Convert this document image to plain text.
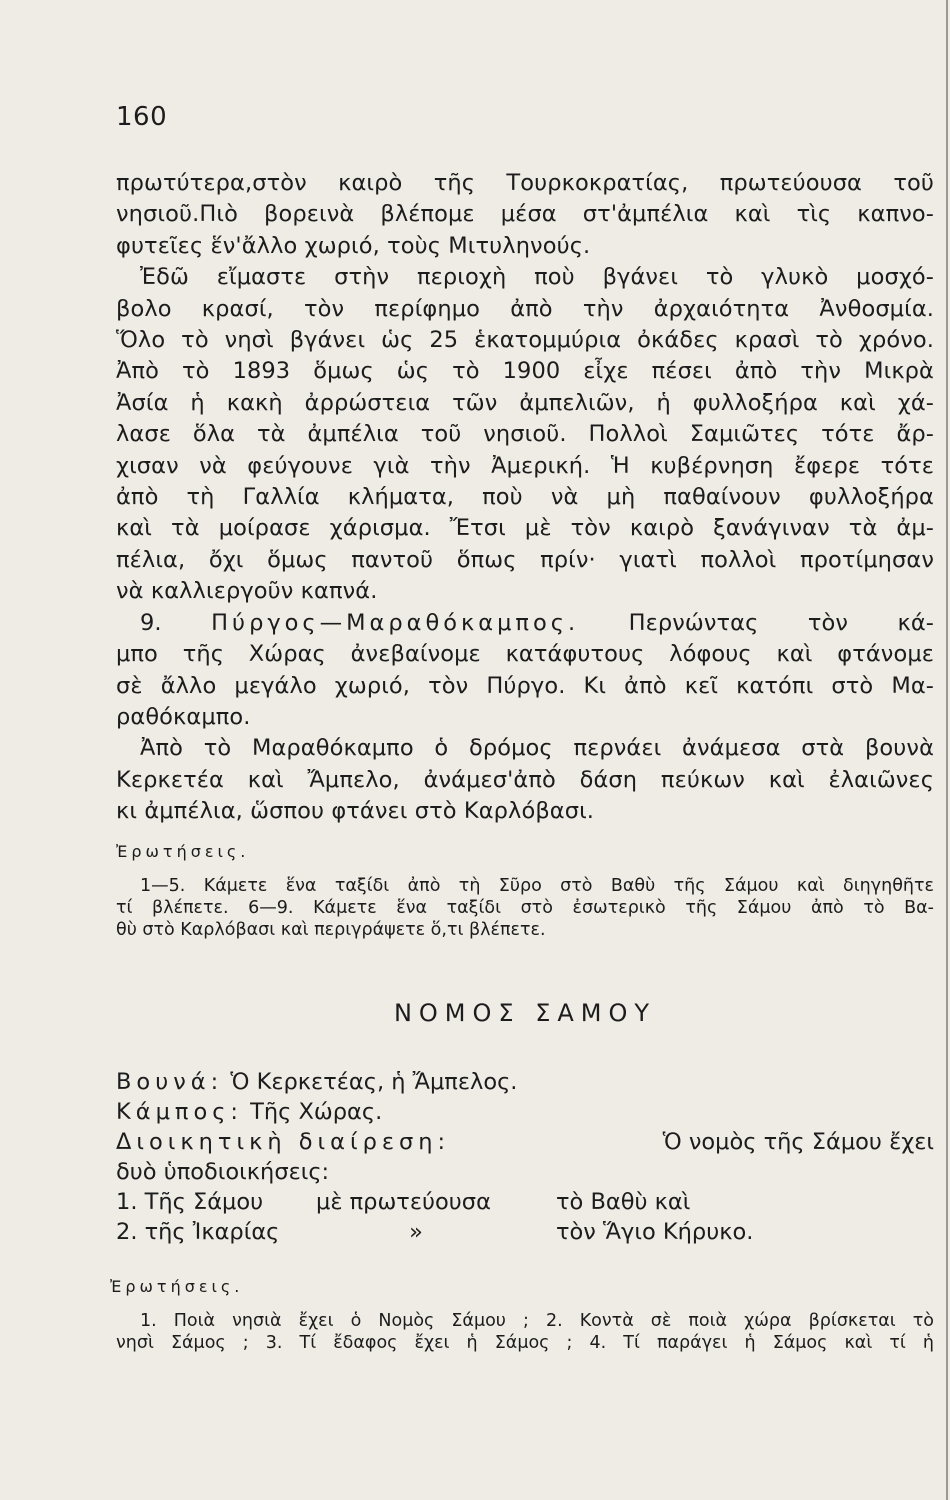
160

πρωτύτερα,στὸν καιρὸ τῆς Τουρκοκρατίας, πρωτεύουσα τοῦ
νησιοῦ.Πιὸ βορεινὰ βλέπομε μέσα στ'ἀμπέλια καὶ τὶς καπνο-
φυτεῖες ἕν'ἄλλο χωριό, τοὺς Μιτυληνούς.

Ἐδῶ εἴμαστε στὴν περιοχὴ ποὺ βγάνει τὸ γλυκὸ μοσχό-
βολο κρασί, τὸν περίφημο ἀπὸ τὴν ἀρχαιότητα Ἀνθοσμία.
Ὅλο τὸ νησὶ βγάνει ὡς 25 ἑκατομμύρια ὀκάδες κρασὶ τὸ χρόνο.
Ἀπὸ τὸ 1893 ὅμως ὡς τὸ 1900 εἶχε πέσει ἀπὸ τὴν Μικρὰ
Ἀσία ἡ κακὴ ἀρρώστεια τῶν ἀμπελιῶν, ἡ φυλλοξήρα καὶ χά-
λασε ὅλα τὰ ἀμπέλια τοῦ νησιοῦ. Πολλοὶ Σαμιῶτες τότε ἄρ-
χισαν νὰ φεύγουνε γιὰ τὴν Ἀμερική. Ἡ κυβέρνηση ἔφερε τότε
ἀπὸ τὴ Γαλλία κλήματα, ποὺ νὰ μὴ παθαίνουν φυλλοξήρα
καὶ τὰ μοίρασε χάρισμα. Ἔτσι μὲ τὸν καιρὸ ξανάγιναν τὰ ἀμ-
πέλια, ὄχι ὅμως παντοῦ ὅπως πρίν· γιατὶ πολλοὶ προτίμησαν
νὰ καλλιεργοῦν καπνά.

9. Πύργος—Μαραθόκαμπος. Περνώντας τὸν κά-
μπο τῆς Χώρας ἀνεβαίνομε κατάφυτους λόφους καὶ φτάνομε
σὲ ἄλλο μεγάλο χωριό, τὸν Πύργο. Κι ἀπὸ κεῖ κατόπι στὸ Μα-
ραθόκαμπο.

Ἀπὸ τὸ Μαραθόκαμπο ὁ δρόμος περνάει ἀνάμεσα στὰ βουνὰ
Κερκετέα καὶ Ἄμπελο, ἀνάμεσ'ἀπὸ δάση πεύκων καὶ ἐλαιῶνες
κι ἀμπέλια, ὥσπου φτάνει στὸ Καρλόβασι.

Ἐρωτήσεις.

1—5. Κάμετε ἕνα ταξίδι ἀπὸ τὴ Σῦρο στὸ Βαθὺ τῆς Σάμου καὶ διηγηθῆτε
τί βλέπετε. 6—9. Κάμετε ἕνα ταξίδι στὸ ἐσωτερικὸ τῆς Σάμου ἀπὸ τὸ Βα-
θὺ στὸ Καρλόβασι καὶ περιγράψετε ὅ,τι βλέπετε.

ΝΟΜΟΣ ΣΑΜΟΥ
Βουνά: Ὁ Κερκετέας, ἡ Ἄμπελος.
Κάμπος: Τῆς Χώρας.
Διοικητικὴ διαίρεση:	Ὁ νομὸς τῆς Σάμου ἔχει
δυὸ ὑποδιοικήσεις:
1. Τῆς Σάμου	μὲ πρωτεύουσα	τὸ Βαθὺ καὶ
2. τῆς Ἰκαρίας	»	τὸν Ἅγιο Κήρυκο.
Ἐρωτήσεις.

1. Ποιὰ νησιὰ ἔχει ὁ Νομὸς Σάμου ; 2. Κοντὰ σὲ ποιὰ χώρα βρίσκεται τὸ
νησὶ Σάμος ; 3. Τί ἔδαφος ἔχει ἡ Σάμος ; 4. Τί παράγει ἡ Σάμος καὶ τί ἡ
